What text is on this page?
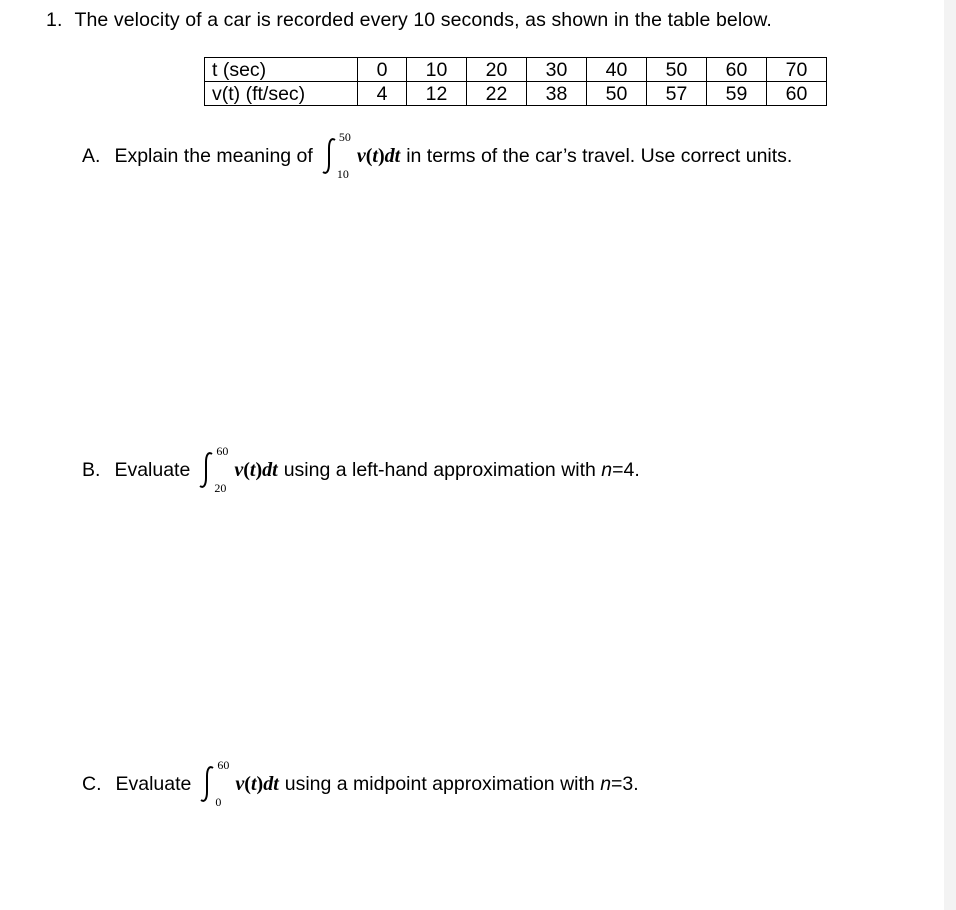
1. The velocity of a car is recorded every 10 seconds, as shown in the table below.
t (sec)	0	10	20	30	40	50	60	70
v(t) (ft/sec)	4	12	22	38	50	57	59	60
A. Explain the meaning of
50
10
v(t)dt in terms of the car’s travel. Use correct units.
B. Evaluate
60
20
v(t)dt using a left-hand approximation with n=4.
C. Evaluate
60
0
v(t)dt using a midpoint approximation with n=3.
